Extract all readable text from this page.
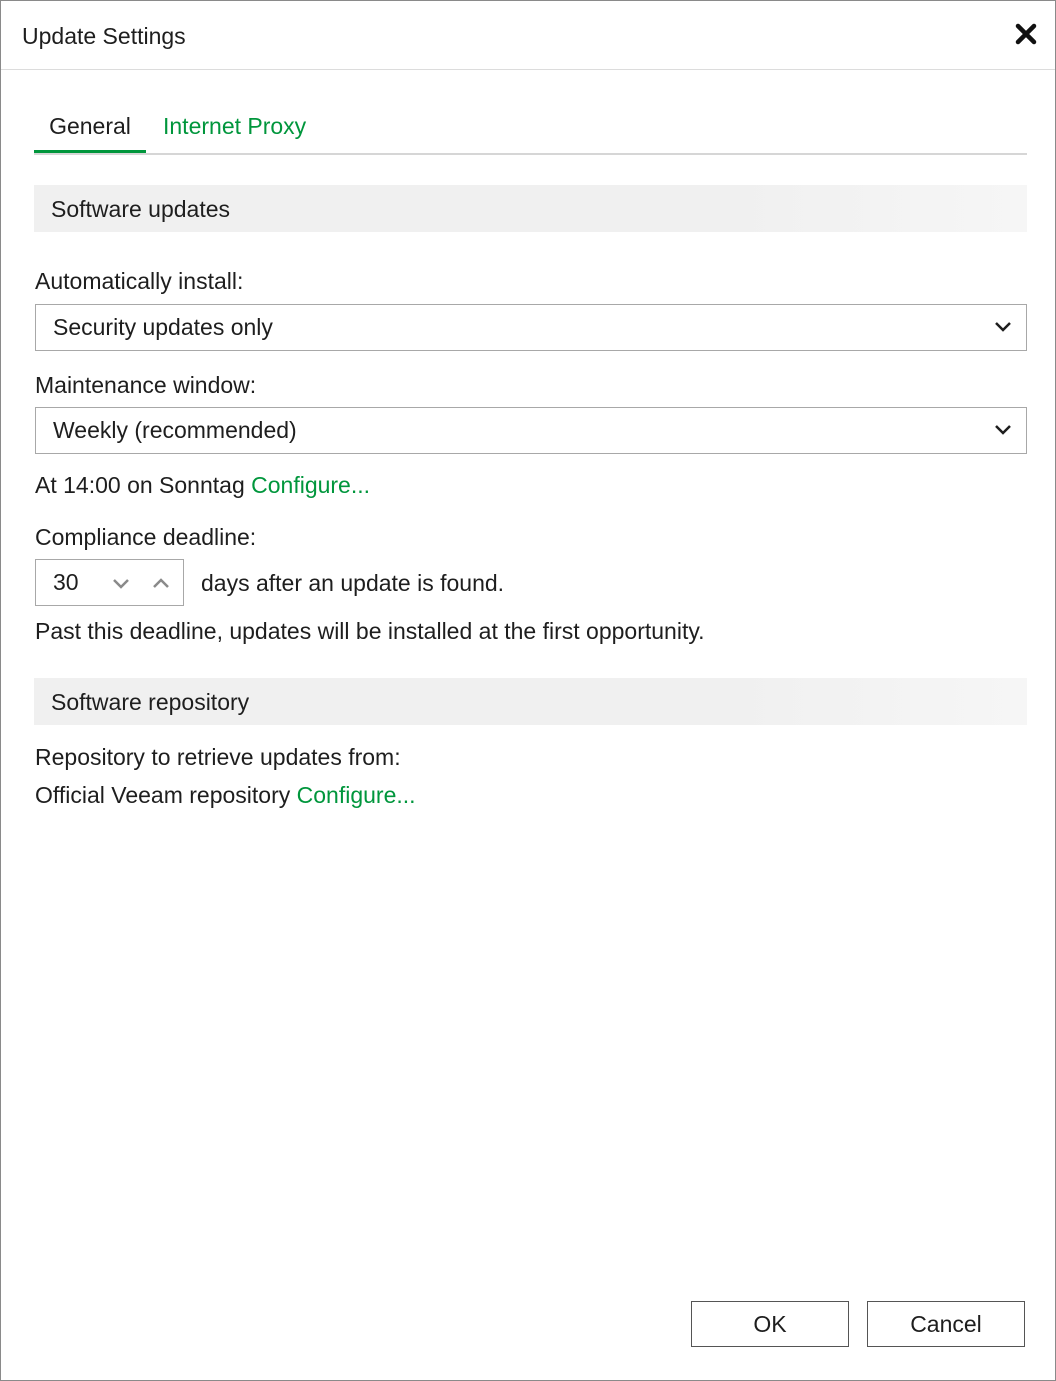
Update Settings
General	Internet Proxy
Software updates
Automatically install:
Security updates only
Maintenance window:
Weekly (recommended)
At 14:00 on Sonntag Configure...
Compliance deadline:
30	days after an update is found.
Past this deadline, updates will be installed at the first opportunity.
Software repository
Repository to retrieve updates from:
Official Veeam repository Configure...
OK	Cancel
